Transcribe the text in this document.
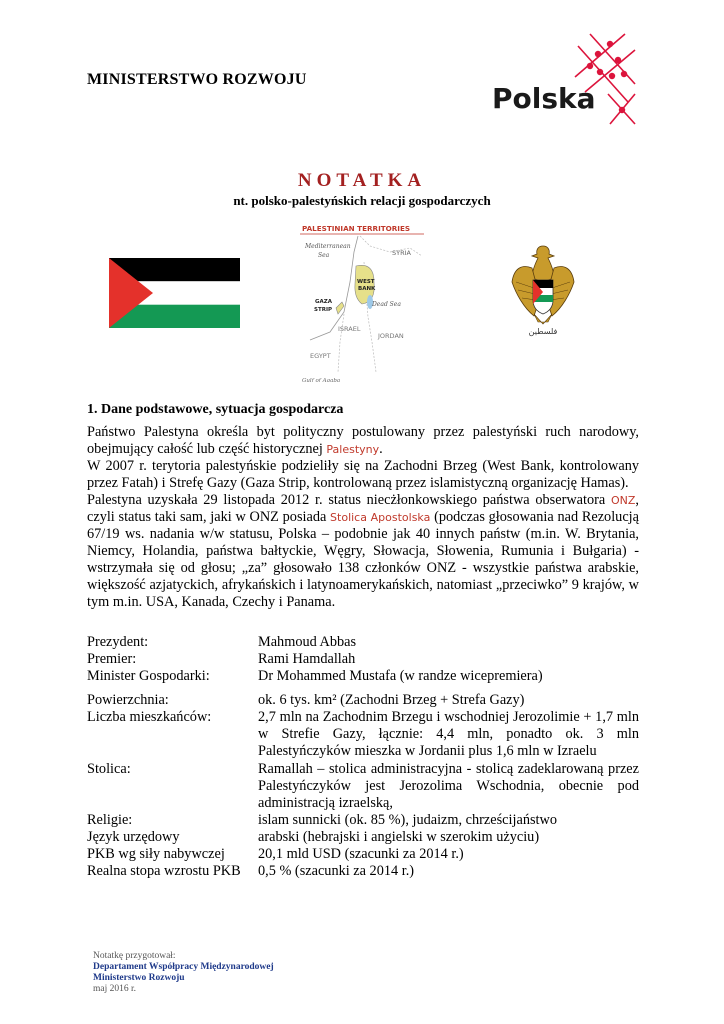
MINISTERSTWO ROZWOJU
Polska
NOTATKA
nt. polsko-palestyńskich relacji gospodarczych
PALESTINIAN TERRITORIES
Mediterranean
Sea	SYRIA
WEST
BANK
GAZA
STRIP
Dead Sea
ISRAEL
JORDAN
EGYPT
Gulf of Aqaba
فلسطين
1. Dane podstawowe, sytuacja gospodarcza

Państwo Palestyna określa byt polityczny postulowany przez palestyński ruch narodowy, obejmujący całość lub część historycznej Palestyny.

W 2007 r. terytoria palestyńskie podzieliły się na Zachodni Brzeg (West Bank, kontrolowany przez Fatah) i Strefę Gazy (Gaza Strip, kontrolowaną przez islamistyczną organizację Hamas).

Palestyna uzyskała 29 listopada 2012 r. status niecżłonkowskiego państwa obserwatora ONZ, czyli status taki sam, jaki w ONZ posiada Stolica Apostolska (podczas głosowania nad Rezolucją 67/19 ws. nadania w/w statusu, Polska – podobnie jak 40 innych państw (m.in. W. Brytania, Niemcy, Holandia, państwa bałtyckie, Węgry, Słowacja, Słowenia, Rumunia i Bułgaria) - wstrzymała się od głosu; „za” głosowało 138 członków ONZ - wszystkie państwa arabskie, większość azjatyckich, afrykańskich i latynoamerykańskich, natomiast „przeciwko” 9 krajów, w tym m.in. USA, Kanada, Czechy i Panama.

Prezydent:	Mahmoud Abbas
Premier:	Rami Hamdallah
Minister Gospodarki:	Dr Mohammed Mustafa (w randze wicepremiera)
Powierzchnia:	ok. 6 tys. km² (Zachodni Brzeg + Strefa Gazy)
Liczba mieszkańców:	2,7 mln na Zachodnim Brzegu i wschodniej Jerozolimie + 1,7 mln w Strefie Gazy, łącznie: 4,4 mln, ponadto ok. 3 mln Palestyńczyków mieszka w Jordanii plus 1,6 mln w Izraelu
Stolica:	Ramallah – stolica administracyjna - stolicą zadeklarowaną przez Palestyńczyków jest Jerozolima Wschodnia, obecnie pod administracją izraelską,
Religie:	islam sunnicki (ok. 85 %), judaizm, chrześcijaństwo
Język urzędowy	arabski (hebrajski i angielski w szerokim użyciu)
PKB wg siły nabywczej	20,1 mld USD (szacunki za 2014 r.)
Realna stopa wzrostu PKB	0,5 % (szacunki za 2014 r.)
Notatkę przygotował:
Departament Współpracy Międzynarodowej
Ministerstwo Rozwoju
maj 2016 r.
